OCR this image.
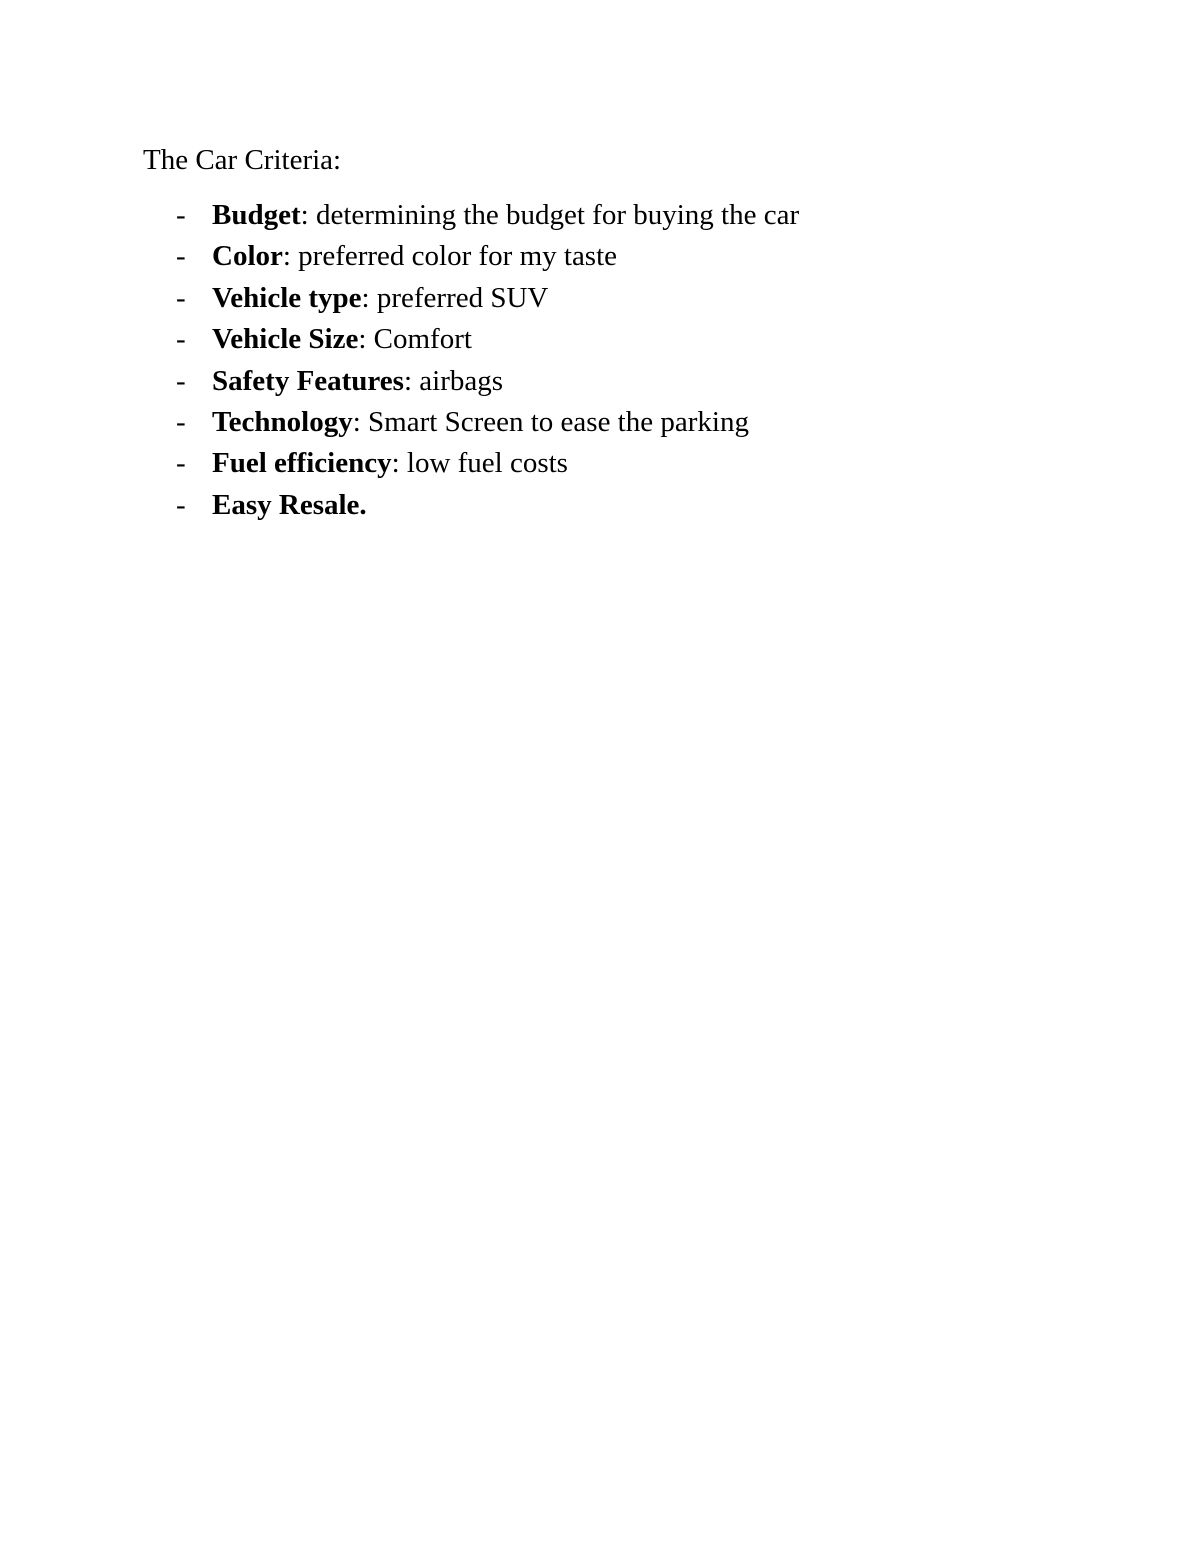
The Car Criteria:

- Budget: determining the budget for buying the car
- Color: preferred color for my taste
- Vehicle type: preferred SUV
- Vehicle Size: Comfort
- Safety Features: airbags
- Technology: Smart Screen to ease the parking
- Fuel efficiency: low fuel costs
- Easy Resale.
